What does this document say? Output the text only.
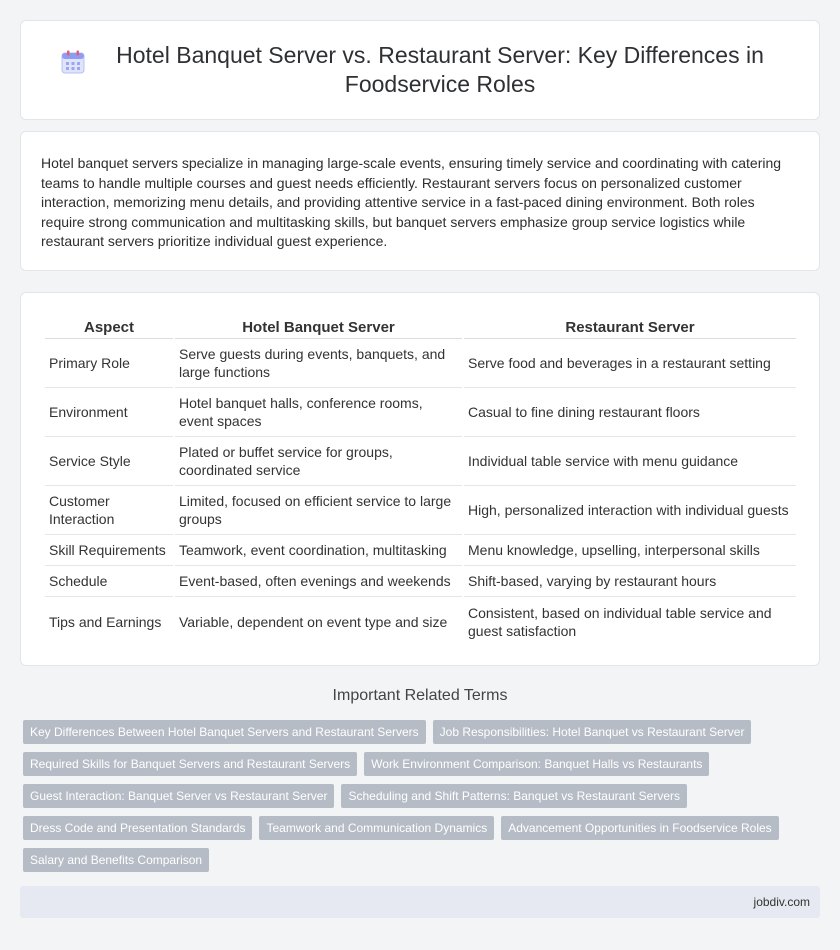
Hotel Banquet Server vs. Restaurant Server: Key Differences in Foodservice Roles

Hotel banquet servers specialize in managing large-scale events, ensuring timely service and coordinating with catering teams to handle multiple courses and guest needs efficiently. Restaurant servers focus on personalized customer interaction, memorizing menu details, and providing attentive service in a fast-paced dining environment. Both roles require strong communication and multitasking skills, but banquet servers emphasize group service logistics while restaurant servers prioritize individual guest experience.

Aspect	Hotel Banquet Server	Restaurant Server
Primary Role	Serve guests during events, banquets, and large functions	Serve food and beverages in a restaurant setting
Environment	Hotel banquet halls, conference rooms, event spaces	Casual to fine dining restaurant floors
Service Style	Plated or buffet service for groups, coordinated service	Individual table service with menu guidance
Customer Interaction	Limited, focused on efficient service to large groups	High, personalized interaction with individual guests
Skill Requirements	Teamwork, event coordination, multitasking	Menu knowledge, upselling, interpersonal skills
Schedule	Event-based, often evenings and weekends	Shift-based, varying by restaurant hours
Tips and Earnings	Variable, dependent on event type and size	Consistent, based on individual table service and guest satisfaction
Important Related Terms
Key Differences Between Hotel Banquet Servers and Restaurant Servers	Job Responsibilities: Hotel Banquet vs Restaurant Server
Required Skills for Banquet Servers and Restaurant Servers	Work Environment Comparison: Banquet Halls vs Restaurants
Guest Interaction: Banquet Server vs Restaurant Server	Scheduling and Shift Patterns: Banquet vs Restaurant Servers
Dress Code and Presentation Standards	Teamwork and Communication Dynamics	Advancement Opportunities in Foodservice Roles
Salary and Benefits Comparison
jobdiv.com
